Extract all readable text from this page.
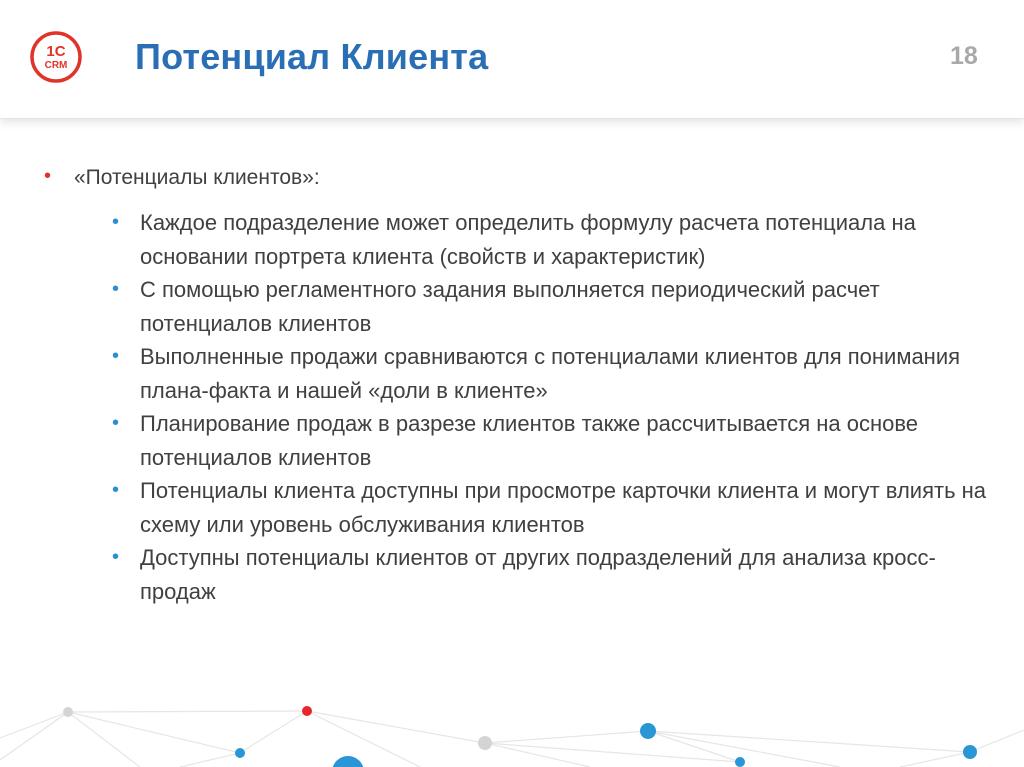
1С
CRM Потенциал Клиента	18
• «Потенциалы клиентов»:
• Каждое подразделение может определить формулу расчета потенциала на основании портрета клиента (свойств и характеристик)
• С помощью регламентного задания выполняется периодический расчет потенциалов клиентов
• Выполненные продажи сравниваются с потенциалами клиентов для понимания плана-факта и нашей «доли в клиенте»
• Планирование продаж в разрезе клиентов также рассчитывается на основе потенциалов клиентов
• Потенциалы клиента доступны при просмотре карточки клиента и могут влиять на схему или уровень обслуживания клиентов
• Доступны потенциалы клиентов от других подразделений для анализа кросс-продаж
